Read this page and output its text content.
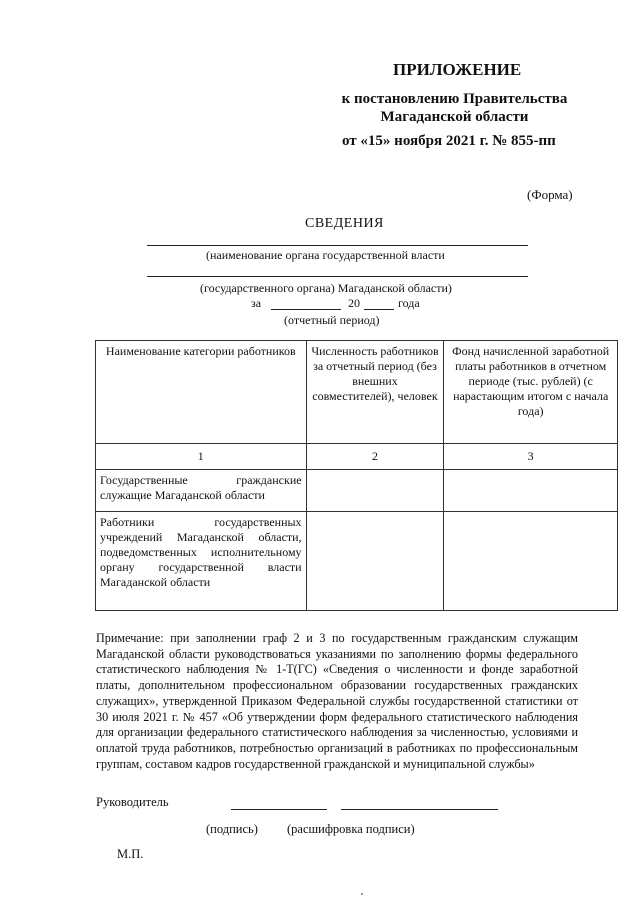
ПРИЛОЖЕНИЕ
к постановлению Правительства
Магаданской области
от «15» ноября 2021 г. № 855-пп
(Форма)
СВЕДЕНИЯ
(наименование органа государственной власти
(государственного органа) Магаданской области)
за	20	года
(отчетный период)
Наименование категории работников	Численность работников за отчетный период (без внешних совместителей), человек	Фонд начисленной заработной платы работников в отчетном периоде (тыс. рублей) (с нарастающим итогом с начала года)
1	2	3
Государственные гражданские служащие Магаданской области		
Работники государственных учреждений Магаданской области, подведомственных исполнительному органу государственной власти Магаданской области		
Примечание: при заполнении граф 2 и 3 по государственным гражданским служащим Магаданской области руководствоваться указаниями по заполнению формы федерального статистического наблюдения № 1-Т(ГС) «Сведения о численности и фонде заработной платы, дополнительном профессиональном образовании государственных гражданских служащих», утвержденной Приказом Федеральной службы государственной статистики от 30 июля 2021 г. № 457 «Об утверждении форм федерального статистического наблюдения для организации федерального статистического наблюдения за численностью, условиями и оплатой труда работников, потребностью организаций в работниках по профессиональным группам, составом кадров государственной гражданской и муниципальной службы»
Руководитель
(подпись) (расшифровка подписи)
М.П.
